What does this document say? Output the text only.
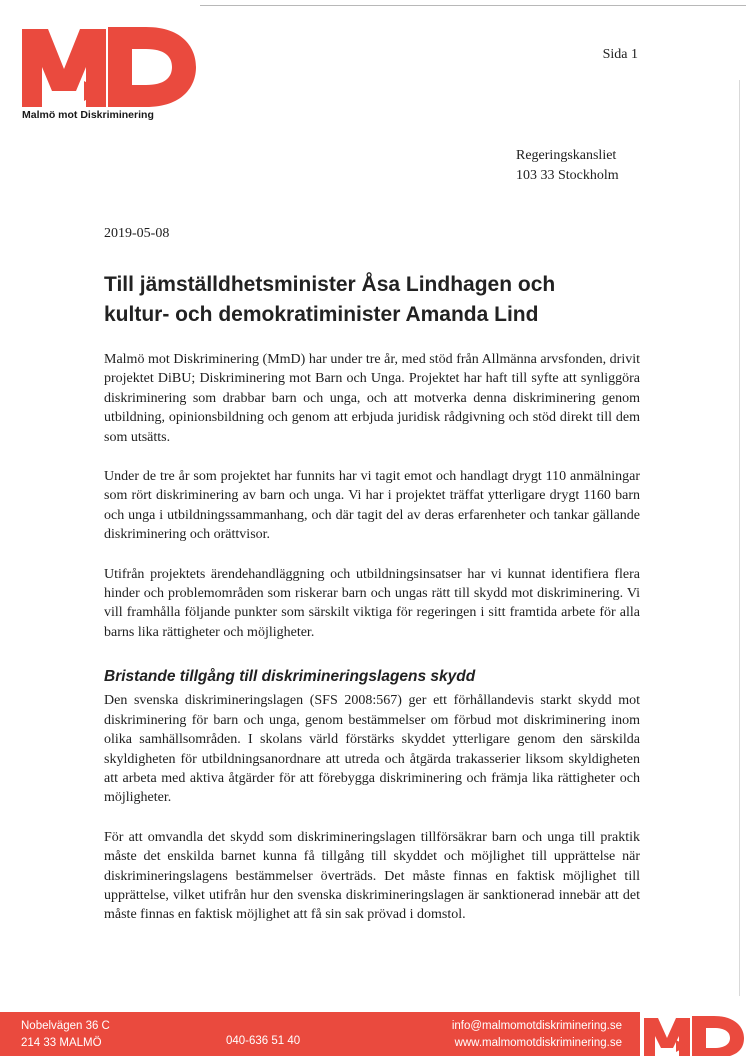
Malmö mot Diskriminering
Sida 1
Regeringskansliet
103 33 Stockholm
2019-05-08
Till jämställdhetsminister Åsa Lindhagen och
kultur- och demokratiminister Amanda Lind

Malmö mot Diskriminering (MmD) har under tre år, med stöd från Allmänna arvsfonden, drivit projektet DiBU; Diskriminering mot Barn och Unga. Projektet har haft till syfte att synliggöra diskriminering som drabbar barn och unga, och att motverka denna diskriminering genom utbildning, opinionsbildning och genom att erbjuda juridisk rådgivning och stöd direkt till dem som utsätts.

Under de tre år som projektet har funnits har vi tagit emot och handlagt drygt 110 anmälningar som rört diskriminering av barn och unga. Vi har i projektet träffat ytterligare drygt 1160 barn och unga i utbildningssammanhang, och där tagit del av deras erfarenheter och tankar gällande diskriminering och orättvisor.

Utifrån projektets ärendehandläggning och utbildningsinsatser har vi kunnat identifiera flera hinder och problemområden som riskerar barn och ungas rätt till skydd mot diskriminering. Vi vill framhålla följande punkter som särskilt viktiga för regeringen i sitt framtida arbete för alla barns lika rättigheter och möjligheter.

Bristande tillgång till diskrimineringslagens skydd

Den svenska diskrimineringslagen (SFS 2008:567) ger ett förhållandevis starkt skydd mot diskriminering för barn och unga, genom bestämmelser om förbud mot diskriminering inom olika samhällsområden. I skolans värld förstärks skyddet ytterligare genom den särskilda skyldigheten för utbildningsanordnare att utreda och åtgärda trakasserier liksom skyldigheten att arbeta med aktiva åtgärder för att förebygga diskriminering och främja lika rättigheter och möjligheter.

För att omvandla det skydd som diskrimineringslagen tillförsäkrar barn och unga till praktik måste det enskilda barnet kunna få tillgång till skyddet och möjlighet till upprättelse när diskrimineringslagens bestämmelser överträds. Det måste finnas en faktisk möjlighet till upprättelse, vilket utifrån hur den svenska diskrimineringslagen är sanktionerad innebär att det måste finnas en faktisk möjlighet att få sin sak prövad i domstol.

Nobelvägen 36 C
214 33 MALMÖ	040-636 51 40
info@malmomotdiskriminering.se
www.malmomotdiskriminering.se
